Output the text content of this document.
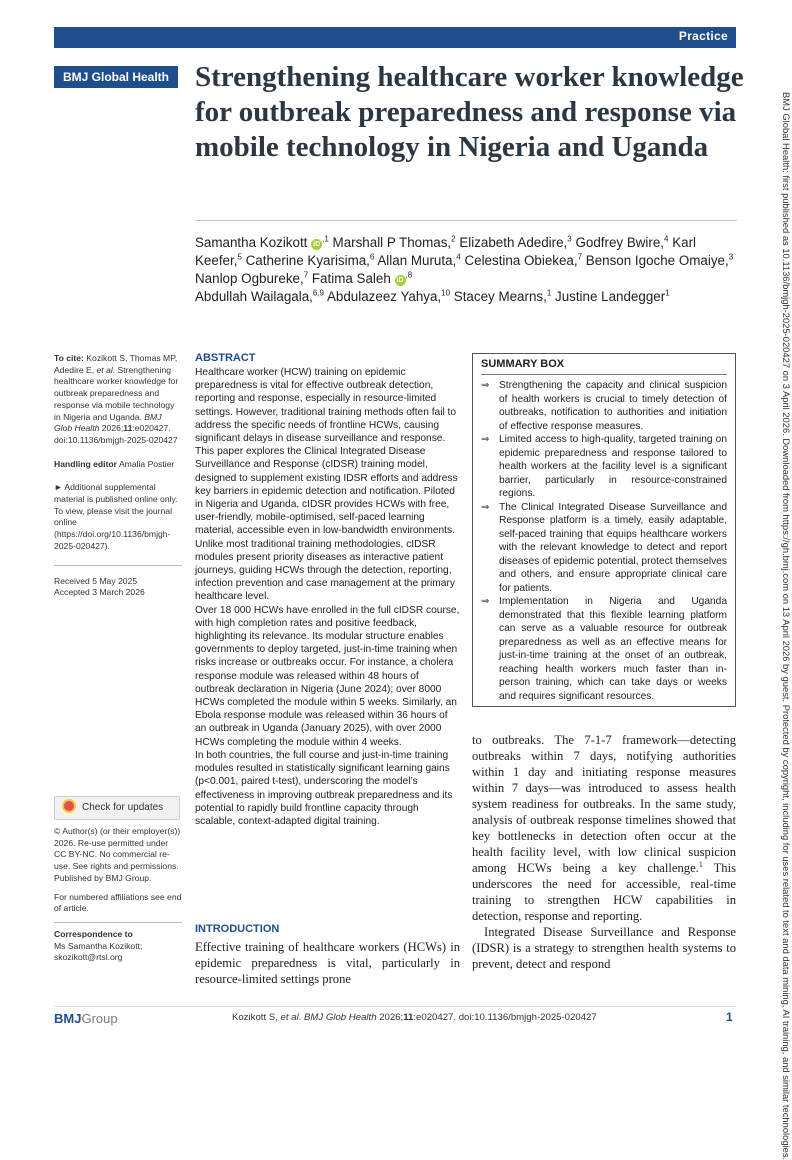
Practice
BMJ Global Health Strengthening healthcare worker knowledge for outbreak preparedness and response via mobile technology in Nigeria and Uganda
Samantha Kozikott $iD^{,1}$ Marshall P Thomas,$^2$ Elizabeth Adedire,$^3$ Godfrey Bwire,$^4$ Karl Keefer,$^5$ Catherine Kyarisima,$^6$ Allan Muruta,$^4$ Celestina Obiekea,$^7$ Benson Igoche Omaiye,$^3$ Nanlop Ogbureke,$^7$ Fatima Saleh $iD^{,8}$
Abdullah Wailagala,$^{6,9}$ Abdulazeez Yahya,$^{10}$ Stacey Mearns,$^1$ Justine Landegger$^1$	BMJ Global Health: first published as 10.1136/bmjgh-2025-020427 on 3 April 2026. Downloaded from https://gh.bmj.com on 13 April 2026 by guest. Protected by copyright, including for uses related to text and data mining, AI training, and similar technologies.

To cite: Kozikott S, Thomas MP, Adedire E, et al. Strengthening healthcare worker knowledge for outbreak preparedness and response via mobile technology in Nigeria and Uganda. BMJ Glob Health 2026;11:e020427. doi:10.1136/bmjgh-2025-020427

Handling editor Amalia Postier

► Additional supplemental material is published online only. To view, please visit the journal online (https://doi.org/10.1136/bmjgh-2025-020427).

Received 5 May 2025
Accepted 3 March 2026
Check for updates

© Author(s) (or their employer(s)) 2026. Re-use permitted under CC BY-NC. No commercial re-use. See rights and permissions. Published by BMJ Group.

For numbered affiliations see end of article.

Correspondence to
Ms Samantha Kozikott;
skozikott@rtsl.org
ABSTRACT

Healthcare worker (HCW) training on epidemic preparedness is vital for effective outbreak detection, reporting and response, especially in resource-limited settings. However, traditional training methods often fail to address the specific needs of frontline HCWs, causing significant delays in disease surveillance and response. This paper explores the Clinical Integrated Disease Surveillance and Response (cIDSR) training model, designed to supplement existing IDSR efforts and address key barriers in epidemic detection and notification. Piloted in Nigeria and Uganda, cIDSR provides HCWs with free, user-friendly, mobile-optimised, self-paced learning material, accessible even in low-bandwidth environments. Unlike most traditional training methodologies, cIDSR modules present priority diseases as interactive patient journeys, guiding HCWs through the detection, reporting, infection prevention and case management at the primary healthcare level.

Over 18 000 HCWs have enrolled in the full cIDSR course, with high completion rates and positive feedback, highlighting its relevance. Its modular structure enables governments to deploy targeted, just-in-time training when risks increase or outbreaks occur. For instance, a cholera response module was released within 48 hours of outbreak declaration in Nigeria (June 2024); over 8000 HCWs completed the module within 5 weeks. Similarly, an Ebola response module was released within 36 hours of an outbreak in Uganda (January 2025), with over 2000 HCWs completing the module within 4 weeks.

In both countries, the full course and just-in-time training modules resulted in statistically significant learning gains (p<0.001, paired t-test), underscoring the model’s effectiveness in improving outbreak preparedness and its potential to rapidly build frontline capacity through scalable, context-adapted digital training.

SUMMARY BOX
⇒ Strengthening the capacity and clinical suspicion of health workers is crucial to timely detection of outbreaks, notification to authorities and initiation of effective response measures.
⇒ Limited access to high-quality, targeted training on epidemic preparedness and response tailored to health workers at the facility level is a significant barrier, particularly in resource-constrained regions.
⇒ The Clinical Integrated Disease Surveillance and Response platform is a timely, easily adaptable, self-paced training that equips healthcare workers with the relevant knowledge to detect and report diseases of epidemic potential, protect themselves and others, and ensure appropriate clinical care for patients.
⇒ Implementation in Nigeria and Uganda demonstrated that this flexible learning platform can serve as a valuable resource for outbreak preparedness as well as an effective means for just-in-time training at the onset of an outbreak, reaching health workers much faster than in-person training, which can take days or weeks and requires significant resources.
INTRODUCTION
Effective training of healthcare workers (HCWs) in epidemic preparedness is vital, particularly in resource-limited settings prone

to outbreaks. The 7-1-7 framework—detecting outbreaks within 7 days, notifying authorities within 1 day and initiating response measures within 7 days—was introduced to assess health system readiness for outbreaks. In the same study, analysis of outbreak response timelines showed that key bottlenecks in detection often occur at the health facility level, with low clinical suspicion among HCWs being a key challenge.$^1$ This underscores the need for accessible, real-time training to strengthen HCW capabilities in detection, response and reporting.

Integrated Disease Surveillance and Response (IDSR) is a strategy to strengthen health systems to prevent, detect and respond

BMJGroup	Kozikott S, et al. BMJ Glob Health 2026;11:e020427. doi:10.1136/bmjgh-2025-020427	1
